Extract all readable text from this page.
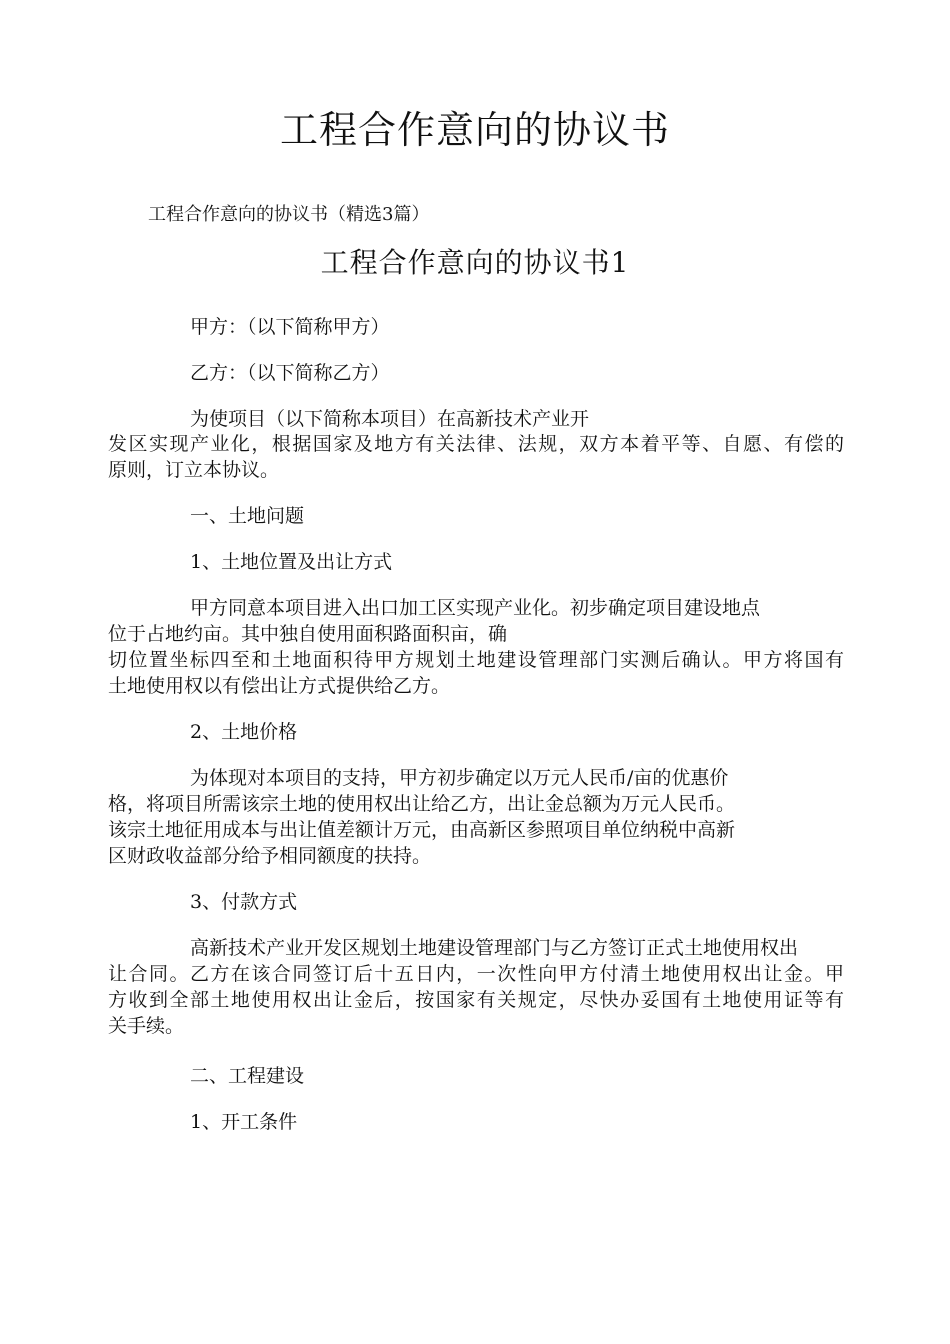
工程合作意向的协议书
工程合作意向的协议书（精选3篇）
工程合作意向的协议书1
甲方：（以下简称甲方）
乙方：（以下简称乙方）
为使项目（以下简称本项目）在高新技术产业开
发区实现产业化，根据国家及地方有关法律、法规，双方本着平等、自愿、有偿的
原则，订立本协议。
一、土地问题
1、土地位置及出让方式
甲方同意本项目进入出口加工区实现产业化。初步确定项目建设地点
位于占地约亩。其中独自使用面积路面积亩，确
切位置坐标四至和土地面积待甲方规划土地建设管理部门实测后确认。甲方将国有
土地使用权以有偿出让方式提供给乙方。
2、土地价格
为体现对本项目的支持，甲方初步确定以万元人民币/亩的优惠价
格，将项目所需该宗土地的使用权出让给乙方，出让金总额为万元人民币。
该宗土地征用成本与出让值差额计万元，由高新区参照项目单位纳税中高新
区财政收益部分给予相同额度的扶持。
3、付款方式
高新技术产业开发区规划土地建设管理部门与乙方签订正式土地使用权出
让合同。乙方在该合同签订后十五日内，一次性向甲方付清土地使用权出让金。甲
方收到全部土地使用权出让金后，按国家有关规定，尽快办妥国有土地使用证等有
关手续。
二、工程建设
1、开工条件
